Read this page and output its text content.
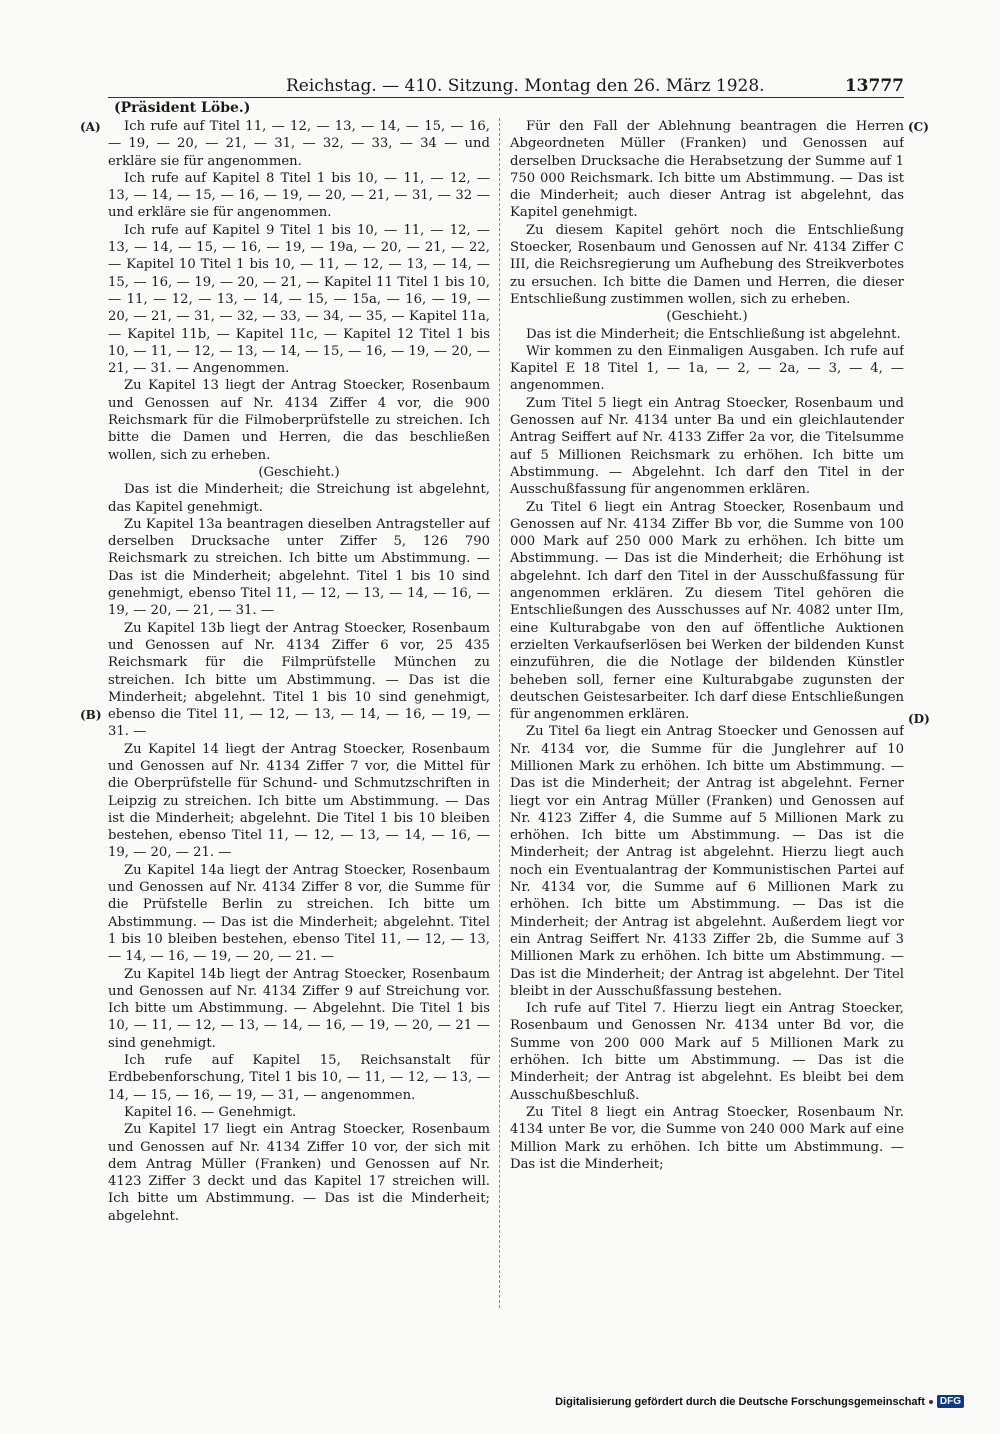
Reichstag. — 410. Sitzung. Montag den 26. März 1928.	13777
(Präsident Löbe.)
(A)
(B)
(C)
(D)

Ich rufe auf Titel 11, — 12, — 13, — 14, — 15, — 16, — 19, — 20, — 21, — 31, — 32, — 33, — 34 — und erkläre sie für angenommen.

Ich rufe auf Kapitel 8 Titel 1 bis 10, — 11, — 12, — 13, — 14, — 15, — 16, — 19, — 20, — 21, — 31, — 32 — und erkläre sie für angenommen.

Ich rufe auf Kapitel 9 Titel 1 bis 10, — 11, — 12, — 13, — 14, — 15, — 16, — 19, — 19a, — 20, — 21, — 22, — Kapitel 10 Titel 1 bis 10, — 11, — 12, — 13, — 14, — 15, — 16, — 19, — 20, — 21, — Kapitel 11 Titel 1 bis 10, — 11, — 12, — 13, — 14, — 15, — 15a, — 16, — 19, — 20, — 21, — 31, — 32, — 33, — 34, — 35, — Kapitel 11a, — Kapitel 11b, — Kapitel 11c, — Kapitel 12 Titel 1 bis 10, — 11, — 12, — 13, — 14, — 15, — 16, — 19, — 20, — 21, — 31. — Angenommen.

Zu Kapitel 13 liegt der Antrag Stoecker, Rosenbaum und Genossen auf Nr. 4134 Ziffer 4 vor, die 900 Reichsmark für die Filmoberprüfstelle zu streichen. Ich bitte die Damen und Herren, die das beschließen wollen, sich zu erheben.

(Geschieht.)

Das ist die Minderheit; die Streichung ist abgelehnt, das Kapitel genehmigt.

Zu Kapitel 13a beantragen dieselben Antragsteller auf derselben Drucksache unter Ziffer 5, 126 790 Reichsmark zu streichen. Ich bitte um Abstimmung. — Das ist die Minderheit; abgelehnt. Titel 1 bis 10 sind genehmigt, ebenso Titel 11, — 12, — 13, — 14, — 16, — 19, — 20, — 21, — 31. —

Zu Kapitel 13b liegt der Antrag Stoecker, Rosenbaum und Genossen auf Nr. 4134 Ziffer 6 vor, 25 435 Reichsmark für die Filmprüfstelle München zu streichen. Ich bitte um Abstimmung. — Das ist die Minderheit; abgelehnt. Titel 1 bis 10 sind genehmigt, ebenso die Titel 11, — 12, — 13, — 14, — 16, — 19, — 31. —

Zu Kapitel 14 liegt der Antrag Stoecker, Rosenbaum und Genossen auf Nr. 4134 Ziffer 7 vor, die Mittel für die Oberprüfstelle für Schund- und Schmutzschriften in Leipzig zu streichen. Ich bitte um Abstimmung. — Das ist die Minderheit; abgelehnt. Die Titel 1 bis 10 bleiben bestehen, ebenso Titel 11, — 12, — 13, — 14, — 16, — 19, — 20, — 21. —

Zu Kapitel 14a liegt der Antrag Stoecker, Rosenbaum und Genossen auf Nr. 4134 Ziffer 8 vor, die Summe für die Prüfstelle Berlin zu streichen. Ich bitte um Abstimmung. — Das ist die Minderheit; abgelehnt. Titel 1 bis 10 bleiben bestehen, ebenso Titel 11, — 12, — 13, — 14, — 16, — 19, — 20, — 21. —

Zu Kapitel 14b liegt der Antrag Stoecker, Rosenbaum und Genossen auf Nr. 4134 Ziffer 9 auf Streichung vor. Ich bitte um Abstimmung. — Abgelehnt. Die Titel 1 bis 10, — 11, — 12, — 13, — 14, — 16, — 19, — 20, — 21 — sind genehmigt.

Ich rufe auf Kapitel 15, Reichsanstalt für Erdbebenforschung, Titel 1 bis 10, — 11, — 12, — 13, — 14, — 15, — 16, — 19, — 31, — angenommen.

Kapitel 16. — Genehmigt.

Zu Kapitel 17 liegt ein Antrag Stoecker, Rosenbaum und Genossen auf Nr. 4134 Ziffer 10 vor, der sich mit dem Antrag Müller (Franken) und Genossen auf Nr. 4123 Ziffer 3 deckt und das Kapitel 17 streichen will. Ich bitte um Abstimmung. — Das ist die Minderheit; abgelehnt.

Für den Fall der Ablehnung beantragen die Herren Abgeordneten Müller (Franken) und Genossen auf derselben Drucksache die Herabsetzung der Summe auf 1 750 000 Reichsmark. Ich bitte um Abstimmung. — Das ist die Minderheit; auch dieser Antrag ist abgelehnt, das Kapitel genehmigt.

Zu diesem Kapitel gehört noch die Entschließung Stoecker, Rosenbaum und Genossen auf Nr. 4134 Ziffer C III, die Reichsregierung um Aufhebung des Streikverbotes zu ersuchen. Ich bitte die Damen und Herren, die dieser Entschließung zustimmen wollen, sich zu erheben.

(Geschieht.)

Das ist die Minderheit; die Entschließung ist abgelehnt.

Wir kommen zu den Einmaligen Ausgaben. Ich rufe auf Kapitel E 18 Titel 1, — 1a, — 2, — 2a, — 3, — 4, — angenommen.

Zum Titel 5 liegt ein Antrag Stoecker, Rosenbaum und Genossen auf Nr. 4134 unter Ba und ein gleichlautender Antrag Seiffert auf Nr. 4133 Ziffer 2a vor, die Titelsumme auf 5 Millionen Reichsmark zu erhöhen. Ich bitte um Abstimmung. — Abgelehnt. Ich darf den Titel in der Ausschußfassung für angenommen erklären.

Zu Titel 6 liegt ein Antrag Stoecker, Rosenbaum und Genossen auf Nr. 4134 Ziffer Bb vor, die Summe von 100 000 Mark auf 250 000 Mark zu erhöhen. Ich bitte um Abstimmung. — Das ist die Minderheit; die Erhöhung ist abgelehnt. Ich darf den Titel in der Ausschußfassung für angenommen erklären. Zu diesem Titel gehören die Entschließungen des Ausschusses auf Nr. 4082 unter IIm, eine Kulturabgabe von den auf öffentliche Auktionen erzielten Verkaufserlösen bei Werken der bildenden Kunst einzuführen, die die Notlage der bildenden Künstler beheben soll, ferner eine Kulturabgabe zugunsten der deutschen Geistesarbeiter. Ich darf diese Entschließungen für angenommen erklären.

Zu Titel 6a liegt ein Antrag Stoecker und Genossen auf Nr. 4134 vor, die Summe für die Junglehrer auf 10 Millionen Mark zu erhöhen. Ich bitte um Abstimmung. — Das ist die Minderheit; der Antrag ist abgelehnt. Ferner liegt vor ein Antrag Müller (Franken) und Genossen auf Nr. 4123 Ziffer 4, die Summe auf 5 Millionen Mark zu erhöhen. Ich bitte um Abstimmung. — Das ist die Minderheit; der Antrag ist abgelehnt. Hierzu liegt auch noch ein Eventualantrag der Kommunistischen Partei auf Nr. 4134 vor, die Summe auf 6 Millionen Mark zu erhöhen. Ich bitte um Abstimmung. — Das ist die Minderheit; der Antrag ist abgelehnt. Außerdem liegt vor ein Antrag Seiffert Nr. 4133 Ziffer 2b, die Summe auf 3 Millionen Mark zu erhöhen. Ich bitte um Abstimmung. — Das ist die Minderheit; der Antrag ist abgelehnt. Der Titel bleibt in der Ausschußfassung bestehen.

Ich rufe auf Titel 7. Hierzu liegt ein Antrag Stoecker, Rosenbaum und Genossen Nr. 4134 unter Bd vor, die Summe von 200 000 Mark auf 5 Millionen Mark zu erhöhen. Ich bitte um Abstimmung. — Das ist die Minderheit; der Antrag ist abgelehnt. Es bleibt bei dem Ausschußbeschluß.

Zu Titel 8 liegt ein Antrag Stoecker, Rosenbaum Nr. 4134 unter Be vor, die Summe von 240 000 Mark auf eine Million Mark zu erhöhen. Ich bitte um Abstimmung. — Das ist die Minderheit;

Digitalisierung gefördert durch die Deutsche Forschungsgemeinschaft	DFG
